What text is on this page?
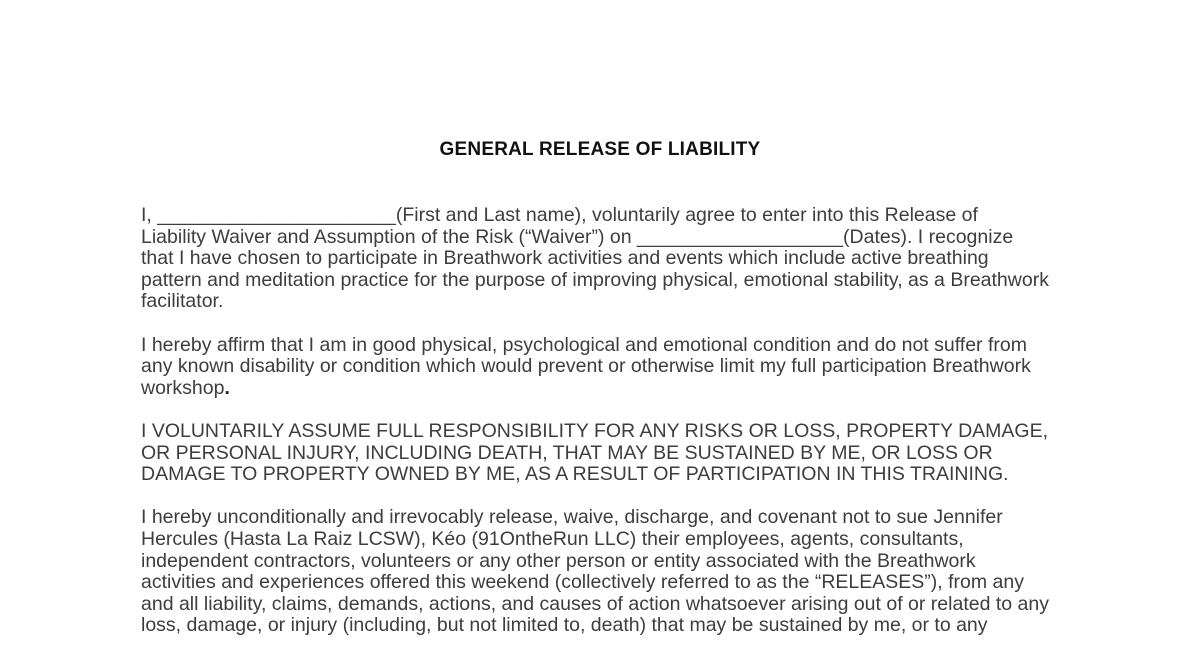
GENERAL RELEASE OF LIABILITY

I, ______________________(First and Last name), voluntarily agree to enter into this Release of
Liability Waiver and Assumption of the Risk (“Waiver”) on ___________________(Dates). I recognize
that I have chosen to participate in Breathwork activities and events which include active breathing
pattern and meditation practice for the purpose of improving physical, emotional stability, as a Breathwork
facilitator.

I hereby affirm that I am in good physical, psychological and emotional condition and do not suffer from
any known disability or condition which would prevent or otherwise limit my full participation Breathwork
workshop.

I VOLUNTARILY ASSUME FULL RESPONSIBILITY FOR ANY RISKS OR LOSS, PROPERTY DAMAGE,
OR PERSONAL INJURY, INCLUDING DEATH, THAT MAY BE SUSTAINED BY ME, OR LOSS OR
DAMAGE TO PROPERTY OWNED BY ME, AS A RESULT OF PARTICIPATION IN THIS TRAINING.

I hereby unconditionally and irrevocably release, waive, discharge, and covenant not to sue Jennifer
Hercules (Hasta La Raiz LCSW), Kéo (91OntheRun LLC) their employees, agents, consultants,
independent contractors, volunteers or any other person or entity associated with the Breathwork
activities and experiences offered this weekend (collectively referred to as the “RELEASES”), from any
and all liability, claims, demands, actions, and causes of action whatsoever arising out of or related to any
loss, damage, or injury (including, but not limited to, death) that may be sustained by me, or to any
